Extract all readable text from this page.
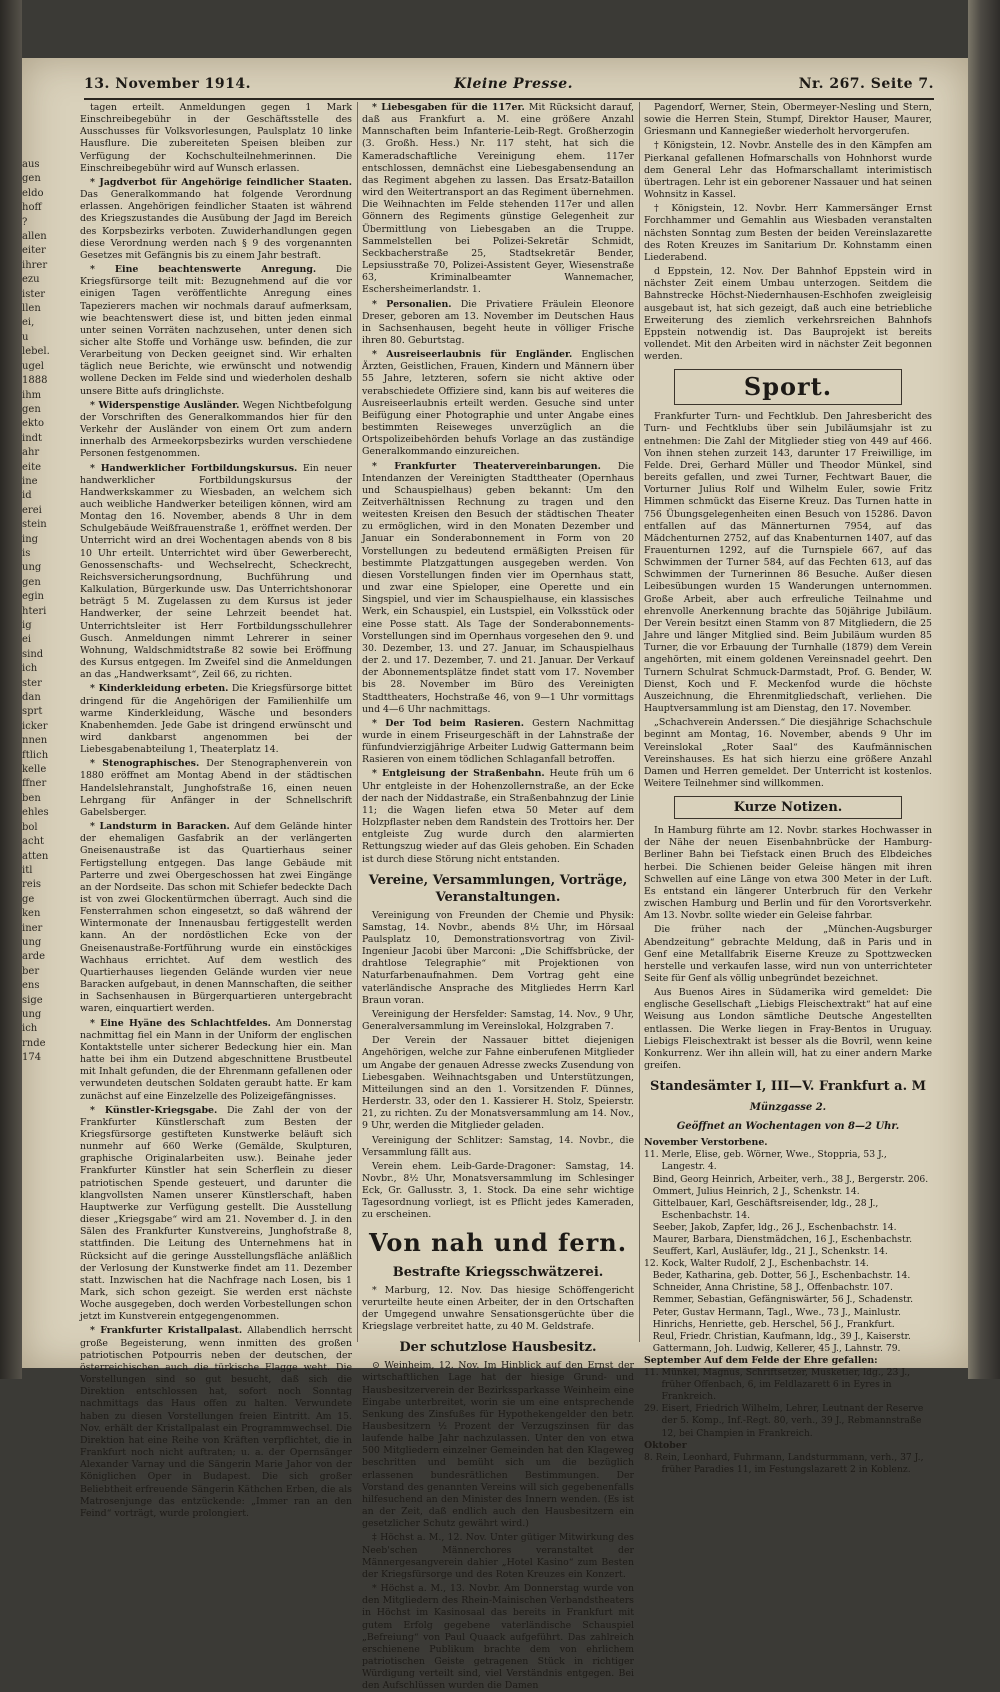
aus
gen
eldo
hoff
?
allen
eiter
ihrer
ezu
ister
llen
ei,
u
lebel.
ugel
1888
ihm
gen
ekto
indt
ahr
eite
ine
id
erei
stein
ing
is
ung
gen
egin
hteri
ig
ei
sind
ich
ster
dan
sprt
icker
nnen
ftlich
kelle
ffner
ben
ehles
bol
acht
atten
itl
reis
ge
ken
iner
ung
arde
ber
ens
sige
ung
ich
rnde
174
13. November 1914.	Kleine Presse.	Nr. 267. Seite 7.

tagen erteilt. Anmeldungen gegen 1 Mark Einschreibegebühr in der Geschäftsstelle des Ausschusses für Volksvorlesungen, Paulsplatz 10 linke Hausflure. Die zubereiteten Speisen bleiben zur Verfügung der Kochschulteilnehmerinnen. Die Einschreibegebühr wird auf Wunsch erlassen.

* Jagdverbot für Angehörige feindlicher Staaten. Das Generalkommando hat folgende Verordnung erlassen. Angehörigen feindlicher Staaten ist während des Kriegszustandes die Ausübung der Jagd im Bereich des Korpsbezirks verboten. Zuwiderhandlungen gegen diese Verordnung werden nach § 9 des vorgenannten Gesetzes mit Gefängnis bis zu einem Jahr bestraft.

* Eine beachtenswerte Anregung. Die Kriegsfürsorge teilt mit: Bezugnehmend auf die vor einigen Tagen veröffentlichte Anregung eines Tapezierers machen wir nochmals darauf aufmerksam, wie beachtenswert diese ist, und bitten jeden einmal unter seinen Vorräten nachzusehen, unter denen sich sicher alte Stoffe und Vorhänge usw. befinden, die zur Verarbeitung von Decken geeignet sind. Wir erhalten täglich neue Berichte, wie erwünscht und notwendig wollene Decken im Felde sind und wiederholen deshalb unsere Bitte aufs dringlichste.

* Widerspenstige Ausländer. Wegen Nichtbefolgung der Vorschriften des Generalkommandos hier für den Verkehr der Ausländer von einem Ort zum andern innerhalb des Armeekorpsbezirks wurden verschiedene Personen festgenommen.

* Handwerklicher Fortbildungskursus. Ein neuer handwerklicher Fortbildungskursus der Handwerkskammer zu Wiesbaden, an welchem sich auch weibliche Handwerker beteiligen können, wird am Montag den 16. November, abends 8 Uhr in dem Schulgebäude Weißfrauenstraße 1, eröffnet werden. Der Unterricht wird an drei Wochentagen abends von 8 bis 10 Uhr erteilt. Unterrichtet wird über Gewerberecht, Genossenschafts- und Wechselrecht, Scheckrecht, Reichsversicherungsordnung, Buchführung und Kalkulation, Bürgerkunde usw. Das Unterrichtshonorar beträgt 5 M. Zugelassen zu dem Kursus ist jeder Handwerker, der seine Lehrzeit beendet hat. Unterrichtsleiter ist Herr Fortbildungsschullehrer Gusch. Anmeldungen nimmt Lehrerer in seiner Wohnung, Waldschmidtstraße 82 sowie bei Eröffnung des Kursus entgegen. Im Zweifel sind die Anmeldungen an das „Handwerksamt“, Zeil 66, zu richten.

* Kinderkleidung erbeten. Die Kriegsfürsorge bittet dringend für die Angehörigen der Familienhilfe um warme Kinderkleidung, Wäsche und besonders Knabenhemden. Jede Gabe ist dringend erwünscht und wird dankbarst angenommen bei der Liebesgabenabteilung 1, Theaterplatz 14.

* Stenographisches. Der Stenographenverein von 1880 eröffnet am Montag Abend in der städtischen Handelslehranstalt, Junghofstraße 16, einen neuen Lehrgang für Anfänger in der Schnellschrift Gabelsberger.

* Landsturm in Baracken. Auf dem Gelände hinter der ehemaligen Gasfabrik an der verlängerten Gneisenaustraße ist das Quartierhaus seiner Fertigstellung entgegen. Das lange Gebäude mit Parterre und zwei Obergeschossen hat zwei Eingänge an der Nordseite. Das schon mit Schiefer bedeckte Dach ist von zwei Glockentürmchen überragt. Auch sind die Fensterrahmen schon eingesetzt, so daß während der Wintermonate der Innenausbau fertiggestellt werden kann. An der nordöstlichen Ecke von der Gneisenaustraße-Fortführung wurde ein einstöckiges Wachhaus errichtet. Auf dem westlich des Quartierhauses liegenden Gelände wurden vier neue Baracken aufgebaut, in denen Mannschaften, die seither in Sachsenhausen in Bürgerquartieren untergebracht waren, einquartiert werden.

* Eine Hyäne des Schlachtfeldes. Am Donnerstag nachmittag fiel ein Mann in der Uniform der englischen Kontaktstelle unter sicherer Bedeckung hier ein. Man hatte bei ihm ein Dutzend abgeschnittene Brustbeutel mit Inhalt gefunden, die der Ehrenmann gefallenen oder verwundeten deutschen Soldaten geraubt hatte. Er kam zunächst auf eine Einzelzelle des Polizeigefängnisses.

* Künstler-Kriegsgabe. Die Zahl der von der Frankfurter Künstlerschaft zum Besten der Kriegsfürsorge gestifteten Kunstwerke beläuft sich nunmehr auf 660 Werke (Gemälde, Skulpturen, graphische Originalarbeiten usw.). Beinahe jeder Frankfurter Künstler hat sein Scherflein zu dieser patriotischen Spende gesteuert, und darunter die klangvollsten Namen unserer Künstlerschaft, haben Hauptwerke zur Verfügung gestellt. Die Ausstellung dieser „Kriegsgabe“ wird am 21. November d. J. in den Sälen des Frankfurter Kunstvereins, Junghofstraße 8, stattfinden. Die Leitung des Unternehmens hat in Rücksicht auf die geringe Ausstellungsfläche anläßlich der Verlosung der Kunstwerke findet am 11. Dezember statt. Inzwischen hat die Nachfrage nach Losen, bis 1 Mark, sich schon gezeigt. Sie werden erst nächste Woche ausgegeben, doch werden Vorbestellungen schon jetzt im Kunstverein entgegengenommen.

* Frankfurter Kristallpalast. Allabendlich herrscht große Begeisterung, wenn inmitten des großen patriotischen Potpourris neben der deutschen, der österreichischen auch die türkische Flagge weht. Die Vorstellungen sind so gut besucht, daß sich die Direktion entschlossen hat, sofort noch Sonntag nachmittags das Haus offen zu halten. Verwundete haben zu diesen Vorstellungen freien Eintritt. Am 15. Nov. erhält der Kristallpalast ein Programmwechsel. Die Direktion hat eine Reihe von Kräften verpflichtet, die in Frankfurt noch nicht auftraten; u. a. der Opernsänger Alexander Varnay und die Sängerin Marie Jahor von der Königlichen Oper in Budapest. Die sich großer Beliebtheit erfreuende Sängerin Käthchen Erben, die als Matrosenjunge das entzückende: „Immer ran an den Feind“ vorträgt, wurde prolongiert.

* Liebesgaben für die 117er. Mit Rücksicht darauf, daß aus Frankfurt a. M. eine größere Anzahl Mannschaften beim Infanterie-Leib-Regt. Großherzogin (3. Großh. Hess.) Nr. 117 steht, hat sich die Kameradschaftliche Vereinigung ehem. 117er entschlossen, demnächst eine Liebesgabensendung an das Regiment abgehen zu lassen. Das Ersatz-Bataillon wird den Weitertransport an das Regiment übernehmen. Die Weihnachten im Felde stehenden 117er und allen Gönnern des Regiments günstige Gelegenheit zur Übermittlung von Liebesgaben an die Truppe. Sammelstellen bei Polizei-Sekretär Schmidt, Seckbacherstraße 25, Stadtsekretär Bender, Lepsiusstraße 70, Polizei-Assistent Geyer, Wiesenstraße 63, Kriminalbeamter Wannemacher, Eschersheimerlandstr. 1.

* Personalien. Die Privatiere Fräulein Eleonore Dreser, geboren am 13. November im Deutschen Haus in Sachsenhausen, begeht heute in völliger Frische ihren 80. Geburtstag.

* Ausreiseerlaubnis für Engländer. Englischen Ärzten, Geistlichen, Frauen, Kindern und Männern über 55 Jahre, letzteren, sofern sie nicht aktive oder verabschiedete Offiziere sind, kann bis auf weiteres die Ausreiseerlaubnis erteilt werden. Gesuche sind unter Beifügung einer Photographie und unter Angabe eines bestimmten Reiseweges unverzüglich an die Ortspolizeibehörden behufs Vorlage an das zuständige Generalkommando einzureichen.

* Frankfurter Theatervereinbarungen. Die Intendanzen der Vereinigten Stadttheater (Opernhaus und Schauspielhaus) geben bekannt: Um den Zeitverhältnissen Rechnung zu tragen und den weitesten Kreisen den Besuch der städtischen Theater zu ermöglichen, wird in den Monaten Dezember und Januar ein Sonderabonnement in Form von 20 Vorstellungen zu bedeutend ermäßigten Preisen für bestimmte Platzgattungen ausgegeben werden. Von diesen Vorstellungen finden vier im Opernhaus statt, und zwar eine Spieloper, eine Operette und ein Singspiel, und vier im Schauspielhause, ein klassisches Werk, ein Schauspiel, ein Lustspiel, ein Volksstück oder eine Posse statt. Als Tage der Sonderabonnements-Vorstellungen sind im Opernhaus vorgesehen den 9. und 30. Dezember, 13. und 27. Januar, im Schauspielhaus der 2. und 17. Dezember, 7. und 21. Januar. Der Verkauf der Abonnementsplätze findet statt vom 17. November bis 28. November im Büro des Vereinigten Stadttheaters, Hochstraße 46, von 9—1 Uhr vormittags und 4—6 Uhr nachmittags.

* Der Tod beim Rasieren. Gestern Nachmittag wurde in einem Friseurgeschäft in der Lahnstraße der fünfundvierzigjährige Arbeiter Ludwig Gattermann beim Rasieren von einem tödlichen Schlaganfall betroffen.

* Entgleisung der Straßenbahn. Heute früh um 6 Uhr entgleiste in der Hohenzollernstraße, an der Ecke der nach der Niddastraße, ein Straßenbahnzug der Linie 11; die Wagen liefen etwa 50 Meter auf dem Holzpflaster neben dem Randstein des Trottoirs her. Der entgleiste Zug wurde durch den alarmierten Rettungszug wieder auf das Gleis gehoben. Ein Schaden ist durch diese Störung nicht entstanden.

Vereine, Versammlungen, Vorträge, Veranstaltungen.

Vereinigung von Freunden der Chemie und Physik: Samstag, 14. Novbr., abends 8½ Uhr, im Hörsaal Paulsplatz 10, Demonstrationsvortrag von Zivil-Ingenieur Jacobi über Marconi: „Die Schiffsbrücke, der drahtlose Telegraphie“ mit Projektionen von Naturfarbenaufnahmen. Dem Vortrag geht eine vaterländische Ansprache des Mitgliedes Herrn Karl Braun voran.

Vereinigung der Hersfelder: Samstag, 14. Nov., 9 Uhr, Generalversammlung im Vereinslokal, Holzgraben 7.

Der Verein der Nassauer bittet diejenigen Angehörigen, welche zur Fahne einberufenen Mitglieder um Angabe der genauen Adresse zwecks Zusendung von Liebesgaben. Weihnachtsgaben und Unterstützungen, Mitteilungen sind an den 1. Vorsitzenden F. Dünnes, Herderstr. 33, oder den 1. Kassierer H. Stolz, Speierstr. 21, zu richten. Zu der Monatsversammlung am 14. Nov., 9 Uhr, werden die Mitglieder geladen.

Vereinigung der Schlitzer: Samstag, 14. Novbr., die Versammlung fällt aus.

Verein ehem. Leib-Garde-Dragoner: Samstag, 14. Novbr., 8½ Uhr, Monatsversammlung im Schlesinger Eck, Gr. Gallusstr. 3, 1. Stock. Da eine sehr wichtige Tagesordnung vorliegt, ist es Pflicht jedes Kameraden, zu erscheinen.

Von nah und fern.
Bestrafte Kriegsschwätzerei.

* Marburg, 12. Nov. Das hiesige Schöffengericht verurteilte heute einen Arbeiter, der in den Ortschaften der Umgegend unwahre Sensationsgerüchte über die Kriegslage verbreitet hatte, zu 40 M. Geldstrafe.

Der schutzlose Hausbesitz.

⊙ Weinheim, 12. Nov. Im Hinblick auf den Ernst der wirtschaftlichen Lage hat der hiesige Grund- und Hausbesitzerverein der Bezirkssparkasse Weinheim eine Eingabe unterbreitet, worin sie um eine entsprechende Senkung des Zinsfußes für Hypothekengelder den betr. Hausbesitzern ½ Prozent der Verzugszinsen für das laufende halbe Jahr nachzulassen. Unter den von etwa 500 Mitgliedern einzelner Gemeinden hat den Klageweg beschritten und bemüht sich um die bezüglich erlassenen bundesrätlichen Bestimmungen. Der Vorstand des genannten Vereins will sich gegebenenfalls hilfesuchend an den Minister des Innern wenden. (Es ist an der Zeit, daß endlich auch den Hausbesitzern ein gesetzlicher Schutz gewährt wird.)

‡ Höchst a. M., 12. Nov. Unter gütiger Mitwirkung des Neeb'schen Männerchores veranstaltet der Männergesangverein dahier „Hotel Kasino“ zum Besten der Kriegsfürsorge und des Roten Kreuzes ein Konzert.

* Höchst a. M., 13. Novbr. Am Donnerstag wurde von den Mitgliedern des Rhein-Mainischen Verbandstheaters in Höchst im Kasinosaal das bereits in Frankfurt mit gutem Erfolg gegebene vaterländische Schauspiel „Befreiung“ von Paul Quaack aufgeführt. Das zahlreich erschienene Publikum brachte dem von ehrlichem patriotischen Geiste getragenen Stück in richtiger Würdigung verteilt sind, viel Verständnis entgegen. Bei den Aufschlüssen wurden die Damen

Pagendorf, Werner, Stein, Obermeyer-Nesling und Stern, sowie die Herren Stein, Stumpf, Direktor Hauser, Maurer, Griesmann und Kannegießer wiederholt hervorgerufen.

† Königstein, 12. Novbr. Anstelle des in den Kämpfen am Pierkanal gefallenen Hofmarschalls von Hohnhorst wurde dem General Lehr das Hofmarschallamt interimistisch übertragen. Lehr ist ein geborener Nassauer und hat seinen Wohnsitz in Kassel.

† Königstein, 12. Novbr. Herr Kammersänger Ernst Forchhammer und Gemahlin aus Wiesbaden veranstalten nächsten Sonntag zum Besten der beiden Vereinslazarette des Roten Kreuzes im Sanitarium Dr. Kohnstamm einen Liederabend.

d Eppstein, 12. Nov. Der Bahnhof Eppstein wird in nächster Zeit einem Umbau unterzogen. Seitdem die Bahnstrecke Höchst-Niedernhausen-Eschhofen zweigleisig ausgebaut ist, hat sich gezeigt, daß auch eine betriebliche Erweiterung des ziemlich verkehrsreichen Bahnhofs Eppstein notwendig ist. Das Bauprojekt ist bereits vollendet. Mit den Arbeiten wird in nächster Zeit begonnen werden.

Sport.

Frankfurter Turn- und Fechtklub. Den Jahresbericht des Turn- und Fechtklubs über sein Jubiläumsjahr ist zu entnehmen: Die Zahl der Mitglieder stieg von 449 auf 466. Von ihnen stehen zurzeit 143, darunter 17 Freiwillige, im Felde. Drei, Gerhard Müller und Theodor Münkel, sind bereits gefallen, und zwei Turner, Fechtwart Bauer, die Vorturner Julius Rolf und Wilhelm Euler, sowie Fritz Himmen schmückt das Eiserne Kreuz. Das Turnen hatte in 756 Übungsgelegenheiten einen Besuch von 15286. Davon entfallen auf das Männerturnen 7954, auf das Mädchenturnen 2752, auf das Knabenturnen 1407, auf das Frauenturnen 1292, auf die Turnspiele 667, auf das Schwimmen der Turner 584, auf das Fechten 613, auf das Schwimmen der Turnerinnen 86 Besuche. Außer diesen Leibesübungen wurden 15 Wanderungen unternommen. Große Arbeit, aber auch erfreuliche Teilnahme und ehrenvolle Anerkennung brachte das 50jährige Jubiläum. Der Verein besitzt einen Stamm von 87 Mitgliedern, die 25 Jahre und länger Mitglied sind. Beim Jubiläum wurden 85 Turner, die vor Erbauung der Turnhalle (1879) dem Verein angehörten, mit einem goldenen Vereinsnadel geehrt. Den Turnern Schulrat Schmuck-Darmstadt, Prof. G. Bender, W. Dienst, Koch und F. Meckenfod wurde die höchste Auszeichnung, die Ehrenmitgliedschaft, verliehen. Die Hauptversammlung ist am Dienstag, den 17. November.

„Schachverein Anderssen.“ Die diesjährige Schachschule beginnt am Montag, 16. November, abends 9 Uhr im Vereinslokal „Roter Saal“ des Kaufmännischen Vereinshauses. Es hat sich hierzu eine größere Anzahl Damen und Herren gemeldet. Der Unterricht ist kostenlos. Weitere Teilnehmer sind willkommen.

Kurze Notizen.

In Hamburg führte am 12. Novbr. starkes Hochwasser in der Nähe der neuen Eisenbahnbrücke der Hamburg-Berliner Bahn bei Tiefstack einen Bruch des Elbdeiches herbei. Die Schienen beider Geleise hängen mit ihren Schwellen auf eine Länge von etwa 300 Meter in der Luft. Es entstand ein längerer Unterbruch für den Verkehr zwischen Hamburg und Berlin und für den Vorortsverkehr. Am 13. Novbr. sollte wieder ein Geleise fahrbar.

Die früher nach der „München-Augsburger Abendzeitung“ gebrachte Meldung, daß in Paris und in Genf eine Metallfabrik Eiserne Kreuze zu Spottzwecken herstelle und verkaufen lasse, wird nun von unterrichteter Seite für Genf als völlig unbegründet bezeichnet.

Aus Buenos Aires in Südamerika wird gemeldet: Die englische Gesellschaft „Liebigs Fleischextrakt“ hat auf eine Weisung aus London sämtliche Deutsche Angestellten entlassen. Die Werke liegen in Fray-Bentos in Uruguay. Liebigs Fleischextrakt ist besser als die Bovril, wenn keine Konkurrenz. Wer ihn allein will, hat zu einer andern Marke greifen.

Standesämter I, III—V. Frankfurt a. M
Münzgasse 2.
Geöffnet an Wochentagen von 8—2 Uhr.
November Verstorbene.
11. Merle, Elise, geb. Wörner, Wwe., Stoppria, 53 J.,
Langestr. 4.
Bind, Georg Heinrich, Arbeiter, verh., 38 J., Bergerstr. 206.
Ommert, Julius Heinrich, 2 J., Schenkstr. 14.
Gittelbauer, Karl, Geschäftsreisender, ldg., 28 J.,
Eschenbachstr. 14.
Seeber, Jakob, Zapfer, ldg., 26 J., Eschenbachstr. 14.
Maurer, Barbara, Dienstmädchen, 16 J., Eschenbachstr.
Seuffert, Karl, Ausläufer, ldg., 21 J., Schenkstr. 14.
12. Kock, Walter Rudolf, 2 J., Eschenbachstr. 14.
Beder, Katharina, geb. Dotter, 56 J., Eschenbachstr. 14.
Schneider, Anna Christine, 58 J., Offenbachstr. 107.
Remmer, Sebastian, Gefängniswärter, 56 J., Schadenstr.
Peter, Gustav Hermann, Tagl., Wwe., 73 J., Mainlustr.
Hinrichs, Henriette, geb. Herschel, 56 J., Frankfurt.
Reul, Friedr. Christian, Kaufmann, ldg., 39 J., Kaiserstr.
Gattermann, Joh. Ludwig, Kellerer, 45 J., Lahnstr. 79.
September Auf dem Felde der Ehre gefallen:
11. Münkel, Magnus, Schriftsetzer, Musketier, ldg., 23 J.,
früher Offenbach, 6, im Feldlazarett 6 in Eyres in
Frankreich.
29. Eisert, Friedrich Wilhelm, Lehrer, Leutnant der Reserve
der 5. Komp., Inf.-Regt. 80, verh., 39 J., Rebmannstraße
12, bei Champien in Frankreich.
Oktober
8. Rein, Leonhard, Fuhrmann, Landsturmmann, verh., 37 J.,
früher Paradies 11, im Festungslazarett 2 in Koblenz.
